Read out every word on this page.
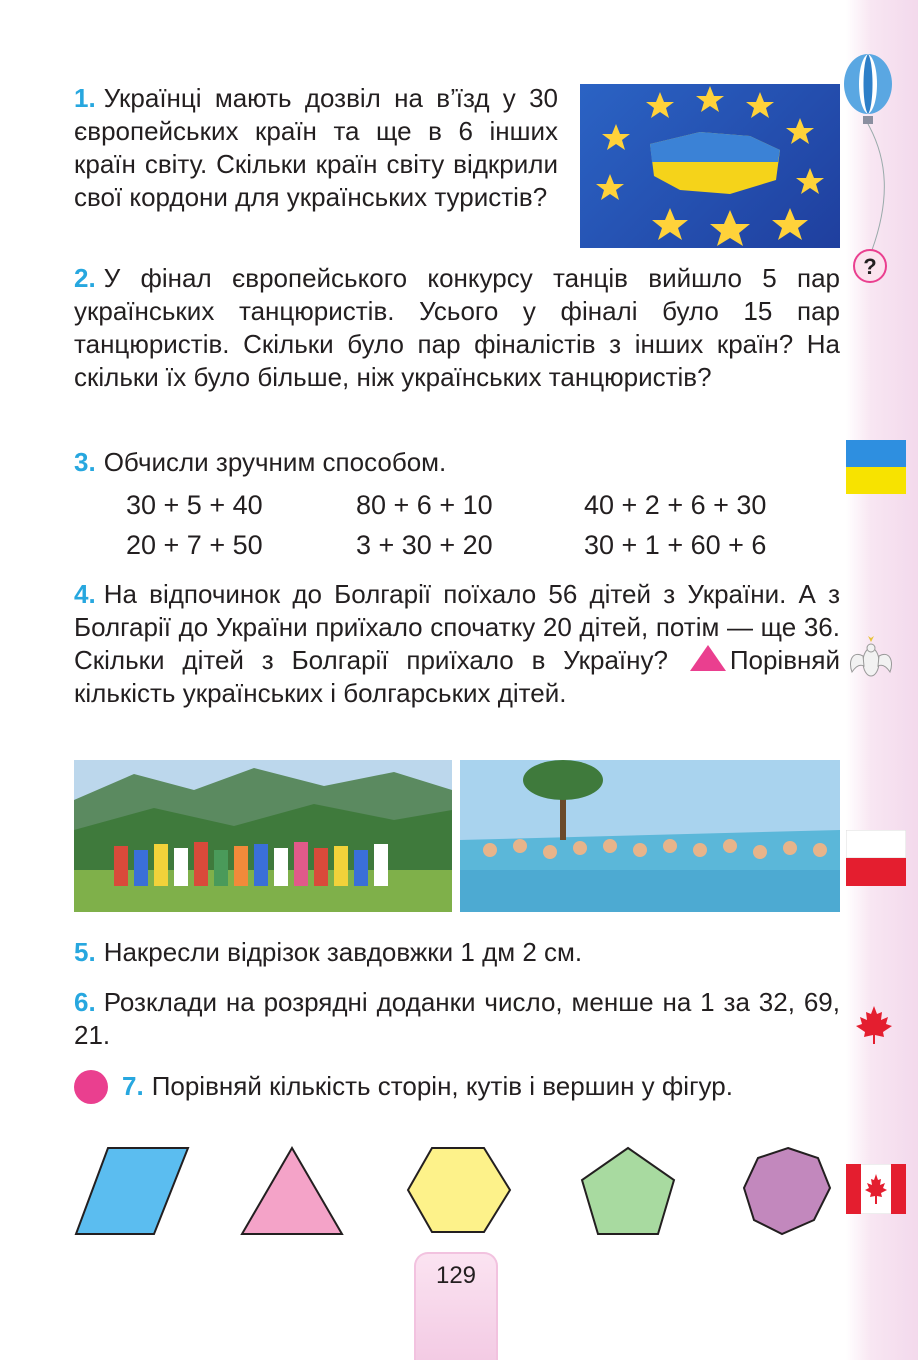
?
1. Українці мають дозвіл на в’їзд у 30 європейських країн та ще в 6 інших країн світу. Скільки країн світу відкрили свої кордони для українських туристів?
2. У фінал європейського конкурсу танців вийшло 5 пар українських танцюристів. Усього у фіналі було 15 пар танцюристів. Скільки було пар фіналістів з інших країн? На скільки їх було більше, ніж українських танцюристів?
3. Обчисли зручним способом.
30 + 5 + 40	80 + 6 + 10	40 + 2 + 6 + 30
20 + 7 + 50	3 + 30 + 20	30 + 1 + 60 + 6
4. На відпочинок до Болгарії поїхало 56 дітей з України. А з Болгарії до України приїхало спочатку 20 дітей, потім — ще 36. Скільки дітей з Болгарії приїхало в Україну? Порівняй кількість українських і болгарських дітей.
5. Накресли відрізок завдовжки 1 дм 2 см.
6. Розклади на розрядні доданки число, менше на 1 за 32, 69, 21.
7. Порівняй кількість сторін, кутів і вершин у фігур.
129
